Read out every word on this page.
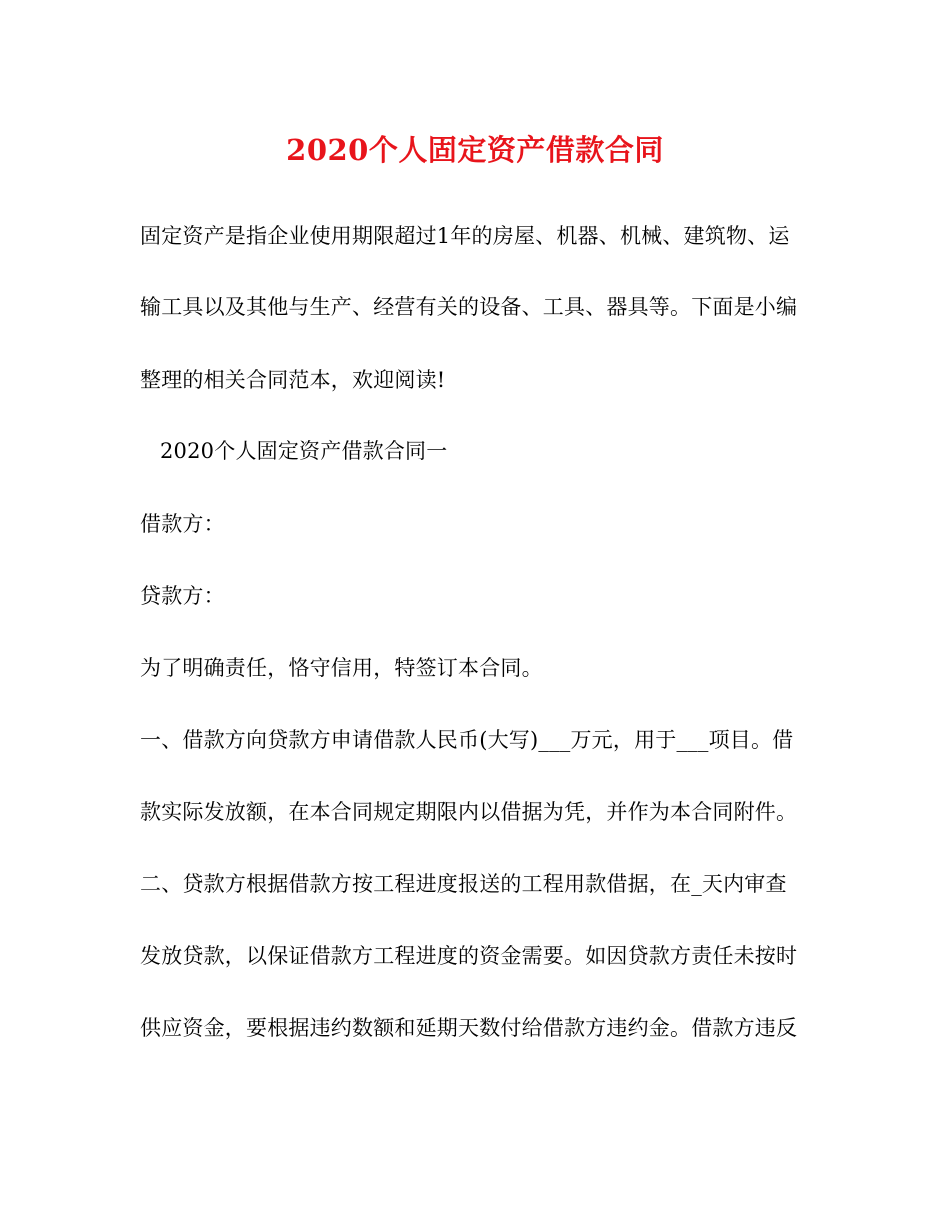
2020个人固定资产借款合同
固定资产是指企业使用期限超过1年的房屋、机器、机械、建筑物、运
输工具以及其他与生产、经营有关的设备、工具、器具等。下面是小编
整理的相关合同范本，欢迎阅读!
2020个人固定资产借款合同一
借款方：
贷款方：
为了明确责任，恪守信用，特签订本合同。
一、借款方向贷款方申请借款人民币(大写)___万元，用于___项目。借
款实际发放额，在本合同规定期限内以借据为凭，并作为本合同附件。
二、贷款方根据借款方按工程进度报送的工程用款借据，在_天内审查
发放贷款，以保证借款方工程进度的资金需要。如因贷款方责任未按时
供应资金，要根据违约数额和延期天数付给借款方违约金。借款方违反
